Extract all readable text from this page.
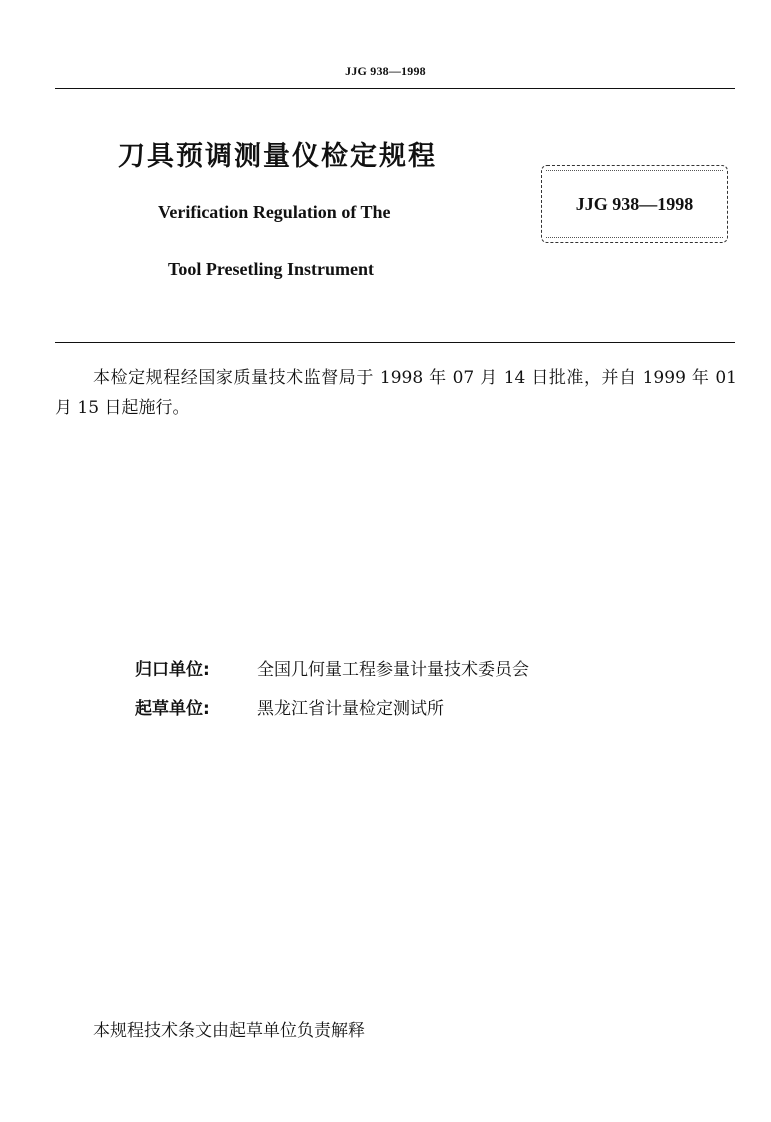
JJG 938—1998
刀具预调测量仪检定规程
Verification Regulation of The
Tool Presetling Instrument
JJG 938—1998
本检定规程经国家质量技术监督局于 1998 年 07 月 14 日批准，并自 1999 年 01 月 15 日起施行。
归口单位:	全国几何量工程参量计量技术委员会
起草单位:	黑龙江省计量检定测试所
本规程技术条文由起草单位负责解释
